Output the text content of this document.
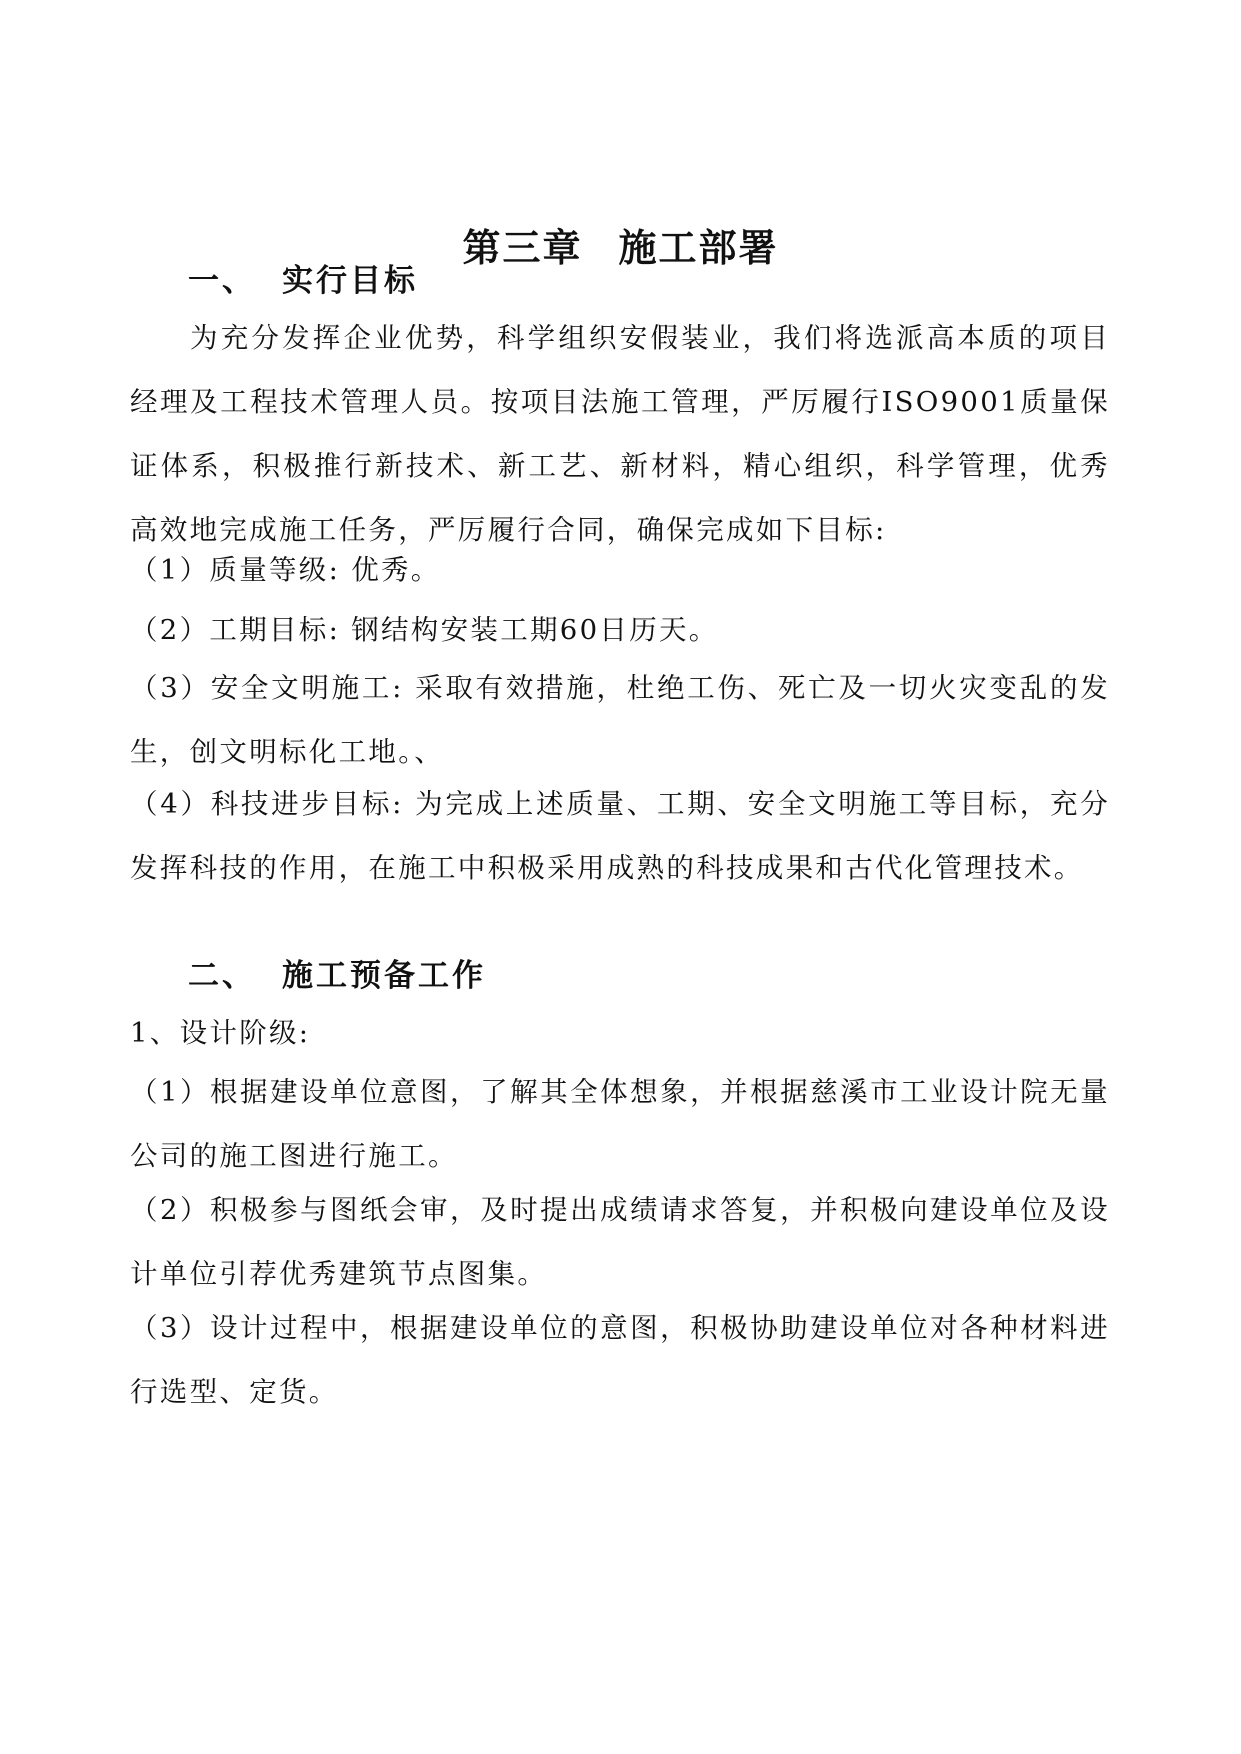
第三章 施工部署
一、 实行目标
为充分发挥企业优势，科学组织安假装业，我们将选派高本质的项目经理及工程技术管理人员。按项目法施工管理，严厉履行ISO9001质量保证体系，积极推行新技术、新工艺、新材料，精心组织，科学管理，优秀高效地完成施工任务，严厉履行合同，确保完成如下目标:
（1）质量等级: 优秀。
（2）工期目标: 钢结构安装工期60日历天。
（3）安全文明施工: 采取有效措施，杜绝工伤、死亡及一切火灾变乱的发生，创文明标化工地。、
（4）科技进步目标: 为完成上述质量、工期、安全文明施工等目标，充分发挥科技的作用，在施工中积极采用成熟的科技成果和古代化管理技术。
二、 施工预备工作
1、设计阶级:
（1）根据建设单位意图，了解其全体想象，并根据慈溪市工业设计院无量公司的施工图进行施工。
（2）积极参与图纸会审，及时提出成绩请求答复，并积极向建设单位及设计单位引荐优秀建筑节点图集。
（3）设计过程中，根据建设单位的意图，积极协助建设单位对各种材料进行选型、定货。
